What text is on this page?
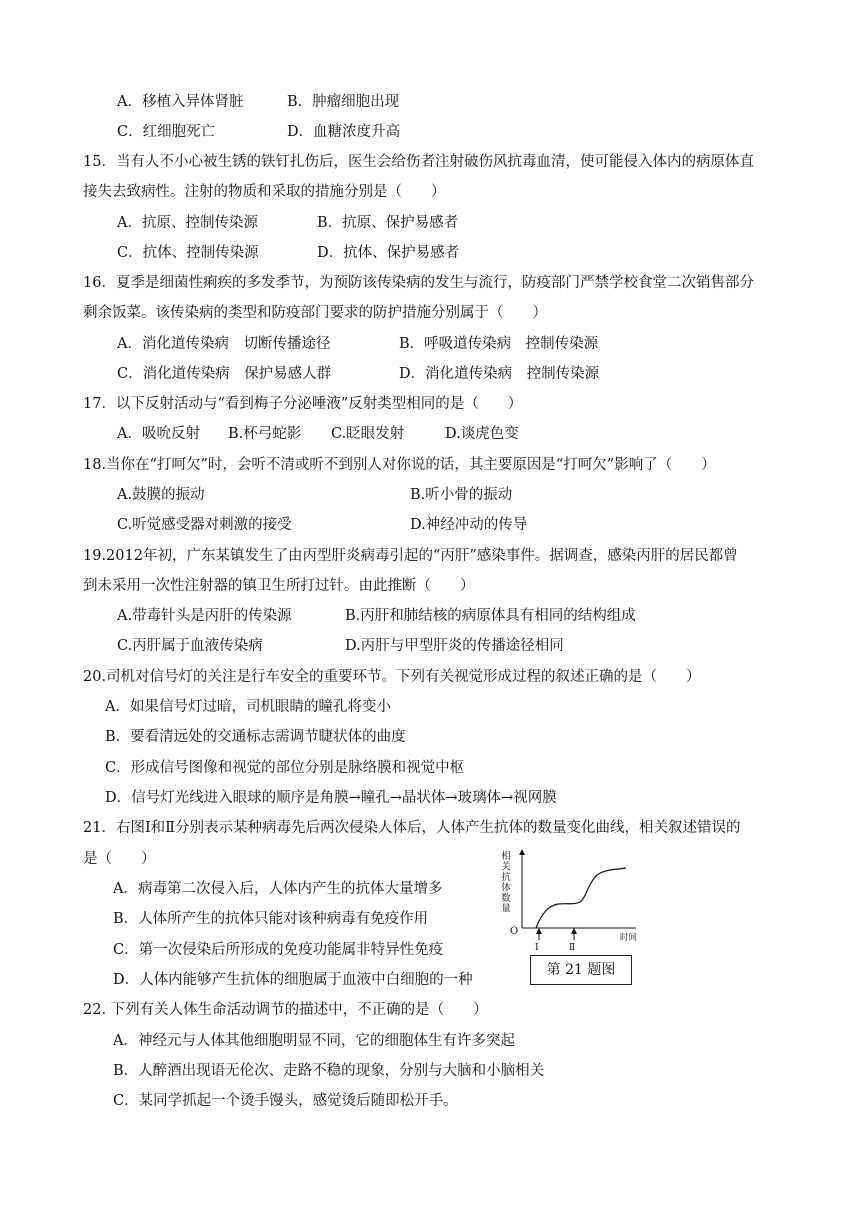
A．移植入异体肾脏	B．肿瘤细胞出现
C．红细胞死亡	D．血糖浓度升高
15．当有人不小心被生锈的铁钉扎伤后，医生会给伤者注射破伤风抗毒血清，使可能侵入体内的病原体直
接失去致病性。注射的物质和采取的措施分别是（　　）
A．抗原、控制传染源	B．抗原、保护易感者
C．抗体、控制传染源	D．抗体、保护易感者
16．夏季是细菌性痢疾的多发季节，为预防该传染病的发生与流行，防疫部门严禁学校食堂二次销售部分
剩余饭菜。该传染病的类型和防疫部门要求的防护措施分别属于（　　）
A．消化道传染病　切断传播途径	B．呼吸道传染病　控制传染源
C．消化道传染病　保护易感人群	D．消化道传染病　控制传染源
17．以下反射活动与“看到梅子分泌唾液”反射类型相同的是（　　）
A．吸吮反射 B.杯弓蛇影 C.眨眼发射	D.谈虎色变
18.当你在“打呵欠”时，会听不清或听不到别人对你说的话，其主要原因是“打呵欠”影响了（　　）
A.鼓膜的振动	B.听小骨的振动
C.听觉感受器对刺激的接受	D.神经冲动的传导
19.2012年初，广东某镇发生了由丙型肝炎病毒引起的“丙肝”感染事件。据调查，感染丙肝的居民都曾
到未采用一次性注射器的镇卫生所打过针。由此推断（　　）
A.带毒针头是丙肝的传染源	B.丙肝和肺结核的病原体具有相同的结构组成
C.丙肝属于血液传染病	D.丙肝与甲型肝炎的传播途径相同
20.司机对信号灯的关注是行车安全的重要环节。下列有关视觉形成过程的叙述正确的是（　　）
A．如果信号灯过暗，司机眼睛的瞳孔将变小
B．要看清远处的交通标志需调节睫状体的曲度
C．形成信号图像和视觉的部位分别是脉络膜和视觉中枢
D．信号灯光线进入眼球的顺序是角膜→瞳孔→晶状体→玻璃体→视网膜
21．右图Ⅰ和Ⅱ分别表示某种病毒先后两次侵染人体后，人体产生抗体的数量变化曲线，相关叙述错误的
是（　　）
A．病毒第二次侵入后，人体内产生的抗体大量增多
B．人体所产生的抗体只能对该种病毒有免疫作用
C．第一次侵染后所形成的免疫功能属非特异性免疫
D．人体内能够产生抗体的细胞属于血液中白细胞的一种
相关抗体数量
O
Ⅰ	Ⅱ
时间
第 21 题图
22. 下列有关人体生命活动调节的描述中，不正确的是（　　）
A．神经元与人体其他细胞明显不同，它的细胞体生有许多突起
B．人醉酒出现语无伦次、走路不稳的现象，分别与大脑和小脑相关
C．某同学抓起一个烫手馒头，感觉烫后随即松开手。
